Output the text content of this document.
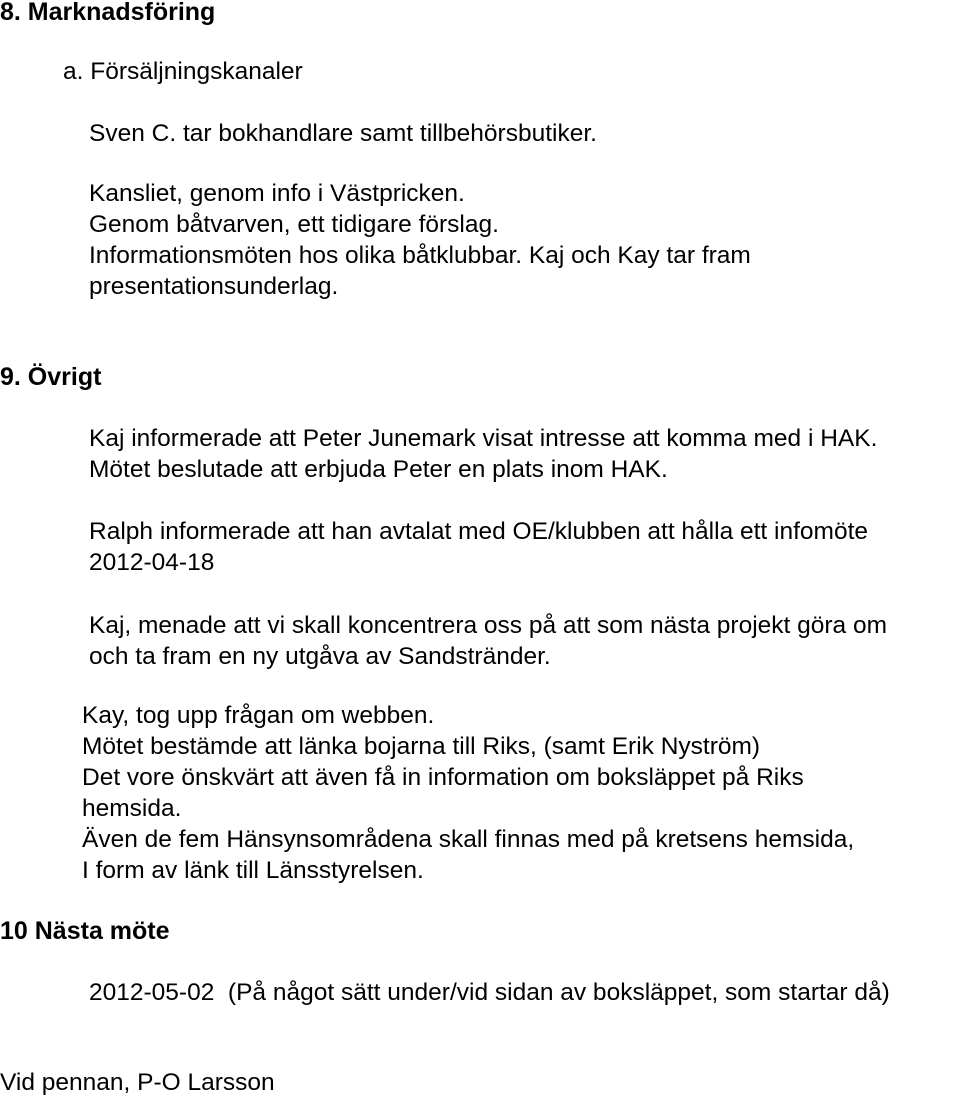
8. Marknadsföring
a. Försäljningskanaler
Sven C. tar bokhandlare samt tillbehörsbutiker.
Kansliet, genom info i Västpricken.
Genom båtvarven, ett tidigare förslag.
Informationsmöten hos olika båtklubbar. Kaj och Kay tar fram
presentationsunderlag.
9. Övrigt
Kaj informerade att Peter Junemark visat intresse att komma med i HAK.
Mötet beslutade att erbjuda Peter en plats inom HAK.
Ralph informerade att han avtalat med OE/klubben att hålla ett infomöte
2012-04-18
Kaj, menade att vi skall koncentrera oss på att som nästa projekt göra om
och ta fram en ny utgåva av Sandstränder.
Kay, tog upp frågan om webben.
Mötet bestämde att länka bojarna till Riks, (samt Erik Nyström)
Det vore önskvärt att även få in information om boksläppet på Riks
hemsida.
Även de fem Hänsynsområdena skall finnas med på kretsens hemsida,
I form av länk till Länsstyrelsen.
10 Nästa möte
2012-05-02  (På något sätt under/vid sidan av boksläppet, som startar då)
Vid pennan, P-O Larsson
